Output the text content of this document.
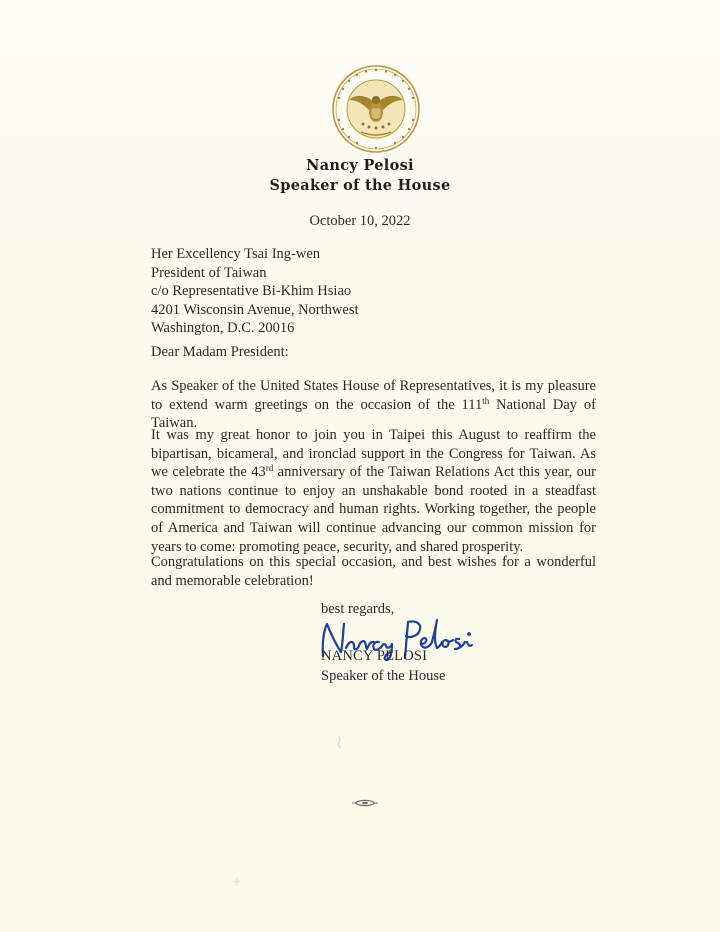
Nancy Pelosi
Speaker of the House
October 10, 2022
Her Excellency Tsai Ing-wen
President of Taiwan
c/o Representative Bi-Khim Hsiao
4201 Wisconsin Avenue, Northwest
Washington, D.C. 20016
Dear Madam President:

As Speaker of the United States House of Representatives, it is my pleasure to extend warm greetings on the occasion of the 111th National Day of Taiwan.

It was my great honor to join you in Taipei this August to reaffirm the bipartisan, bicameral, and ironclad support in the Congress for Taiwan. As we celebrate the 43rd anniversary of the Taiwan Relations Act this year, our two nations continue to enjoy an unshakable bond rooted in a steadfast commitment to democracy and human rights. Working together, the people of America and Taiwan will continue advancing our common mission for years to come: promoting peace, security, and shared prosperity.

Congratulations on this special occasion, and best wishes for a wonderful and memorable celebration!

best regards,
NANCY PELOSI
Speaker of the House
